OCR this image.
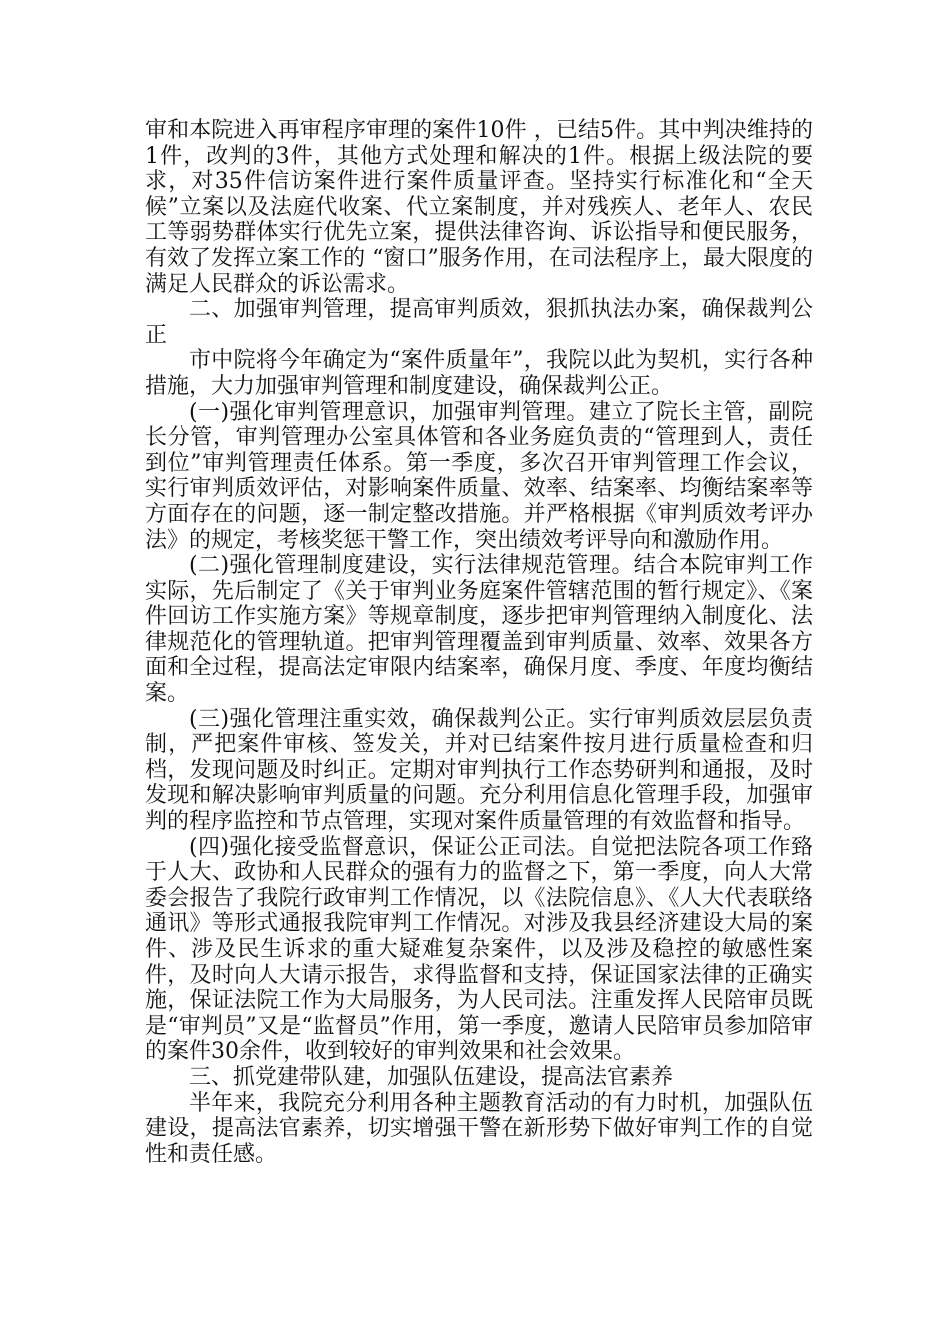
审和本院进入再审程序审理的案件10件 ，已结5件。其中判决维持的1件，改判的3件，其他方式处理和解决的1件。根据上级法院的要求，对35件信访案件进行案件质量评查。坚持实行标准化和“全天候”立案以及法庭代收案、代立案制度，并对残疾人、老年人、农民工等弱势群体实行优先立案，提供法律咨询、诉讼指导和便民服务，有效了发挥立案工作的 “窗口”服务作用，在司法程序上，最大限度的满足人民群众的诉讼需求。

二、加强审判管理，提高审判质效，狠抓执法办案，确保裁判公正

市中院将今年确定为“案件质量年”，我院以此为契机，实行各种措施，大力加强审判管理和制度建设，确保裁判公正。

(一)强化审判管理意识，加强审判管理。建立了院长主管，副院长分管，审判管理办公室具体管和各业务庭负责的“管理到人，责任到位”审判管理责任体系。第一季度，多次召开审判管理工作会议，实行审判质效评估，对影响案件质量、效率、结案率、均衡结案率等方面存在的问题，逐一制定整改措施。并严格根据《审判质效考评办法》的规定，考核奖惩干警工作，突出绩效考评导向和激励作用。

(二)强化管理制度建设，实行法律规范管理。结合本院审判工作实际，先后制定了《关于审判业务庭案件管辖范围的暂行规定》、《案件回访工作实施方案》等规章制度，逐步把审判管理纳入制度化、法律规范化的管理轨道。把审判管理覆盖到审判质量、效率、效果各方面和全过程，提高法定审限内结案率，确保月度、季度、年度均衡结案。

(三)强化管理注重实效，确保裁判公正。实行审判质效层层负责制，严把案件审核、签发关，并对已结案件按月进行质量检查和归档，发现问题及时纠正。定期对审判执行工作态势研判和通报，及时发现和解决影响审判质量的问题。充分利用信息化管理手段，加强审判的程序监控和节点管理，实现对案件质量管理的有效监督和指导。

(四)强化接受监督意识，保证公正司法。自觉把法院各项工作臵于人大、政协和人民群众的强有力的监督之下，第一季度，向人大常委会报告了我院行政审判工作情况，以《法院信息》、《人大代表联络通讯》等形式通报我院审判工作情况。对涉及我县经济建设大局的案件、涉及民生诉求的重大疑难复杂案件，以及涉及稳控的敏感性案件，及时向人大请示报告，求得监督和支持，保证国家法律的正确实施，保证法院工作为大局服务，为人民司法。注重发挥人民陪审员既是“审判员”又是“监督员”作用，第一季度，邀请人民陪审员参加陪审的案件30余件，收到较好的审判效果和社会效果。

三、抓党建带队建，加强队伍建设，提高法官素养

半年来，我院充分利用各种主题教育活动的有力时机，加强队伍建设，提高法官素养，切实增强干警在新形势下做好审判工作的自觉性和责任感。
